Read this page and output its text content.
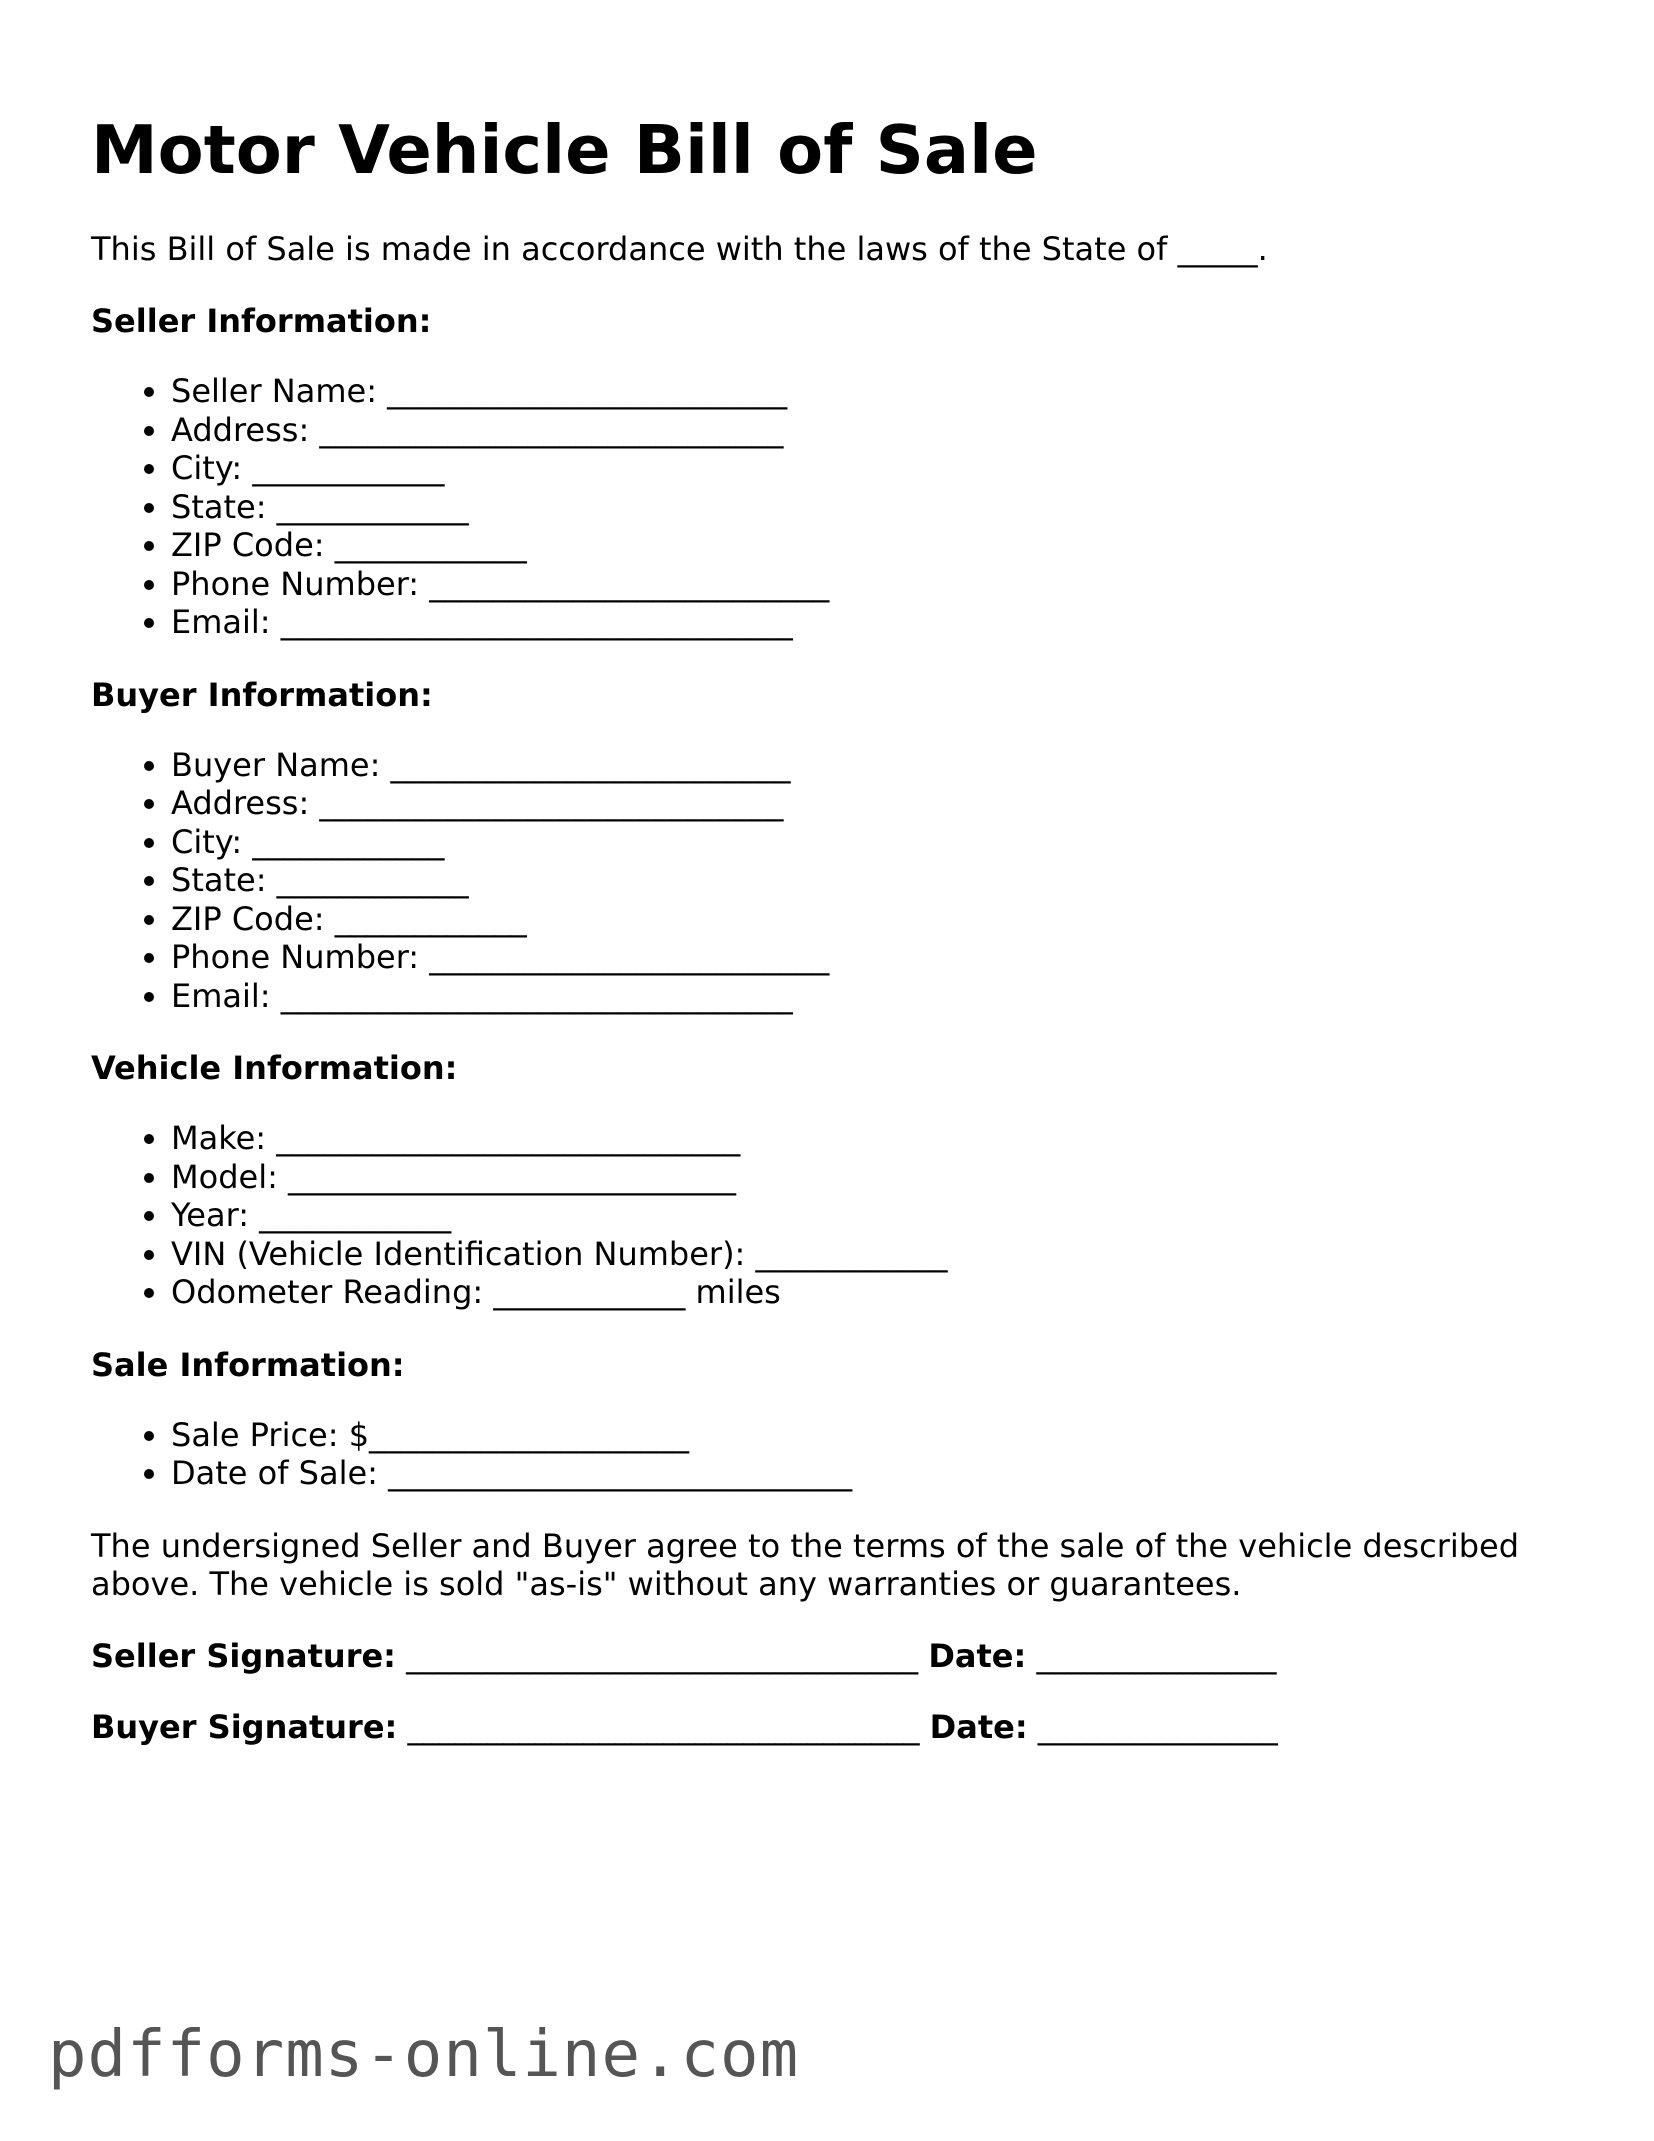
Motor Vehicle Bill of Sale

This Bill of Sale is made in accordance with the laws of the State of _____.

Seller Information:
• Seller Name: _________________________
• Address: _____________________________
• City: ____________
• State: ____________
• ZIP Code: ____________
• Phone Number: _________________________
• Email: ________________________________
Buyer Information:
• Buyer Name: _________________________
• Address: _____________________________
• City: ____________
• State: ____________
• ZIP Code: ____________
• Phone Number: _________________________
• Email: ________________________________
Vehicle Information:
• Make: _____________________________
• Model: ____________________________
• Year: ____________
• VIN (Vehicle Identification Number): ____________
• Odometer Reading: ____________ miles
Sale Information:
• Sale Price: $____________________
• Date of Sale: _____________________________

The undersigned Seller and Buyer agree to the terms of the sale of the vehicle described above. The vehicle is sold "as-is" without any warranties or guarantees.

Seller Signature: ________________________________ Date: _______________
Buyer Signature: ________________________________ Date: _______________
pdfforms-online.com
